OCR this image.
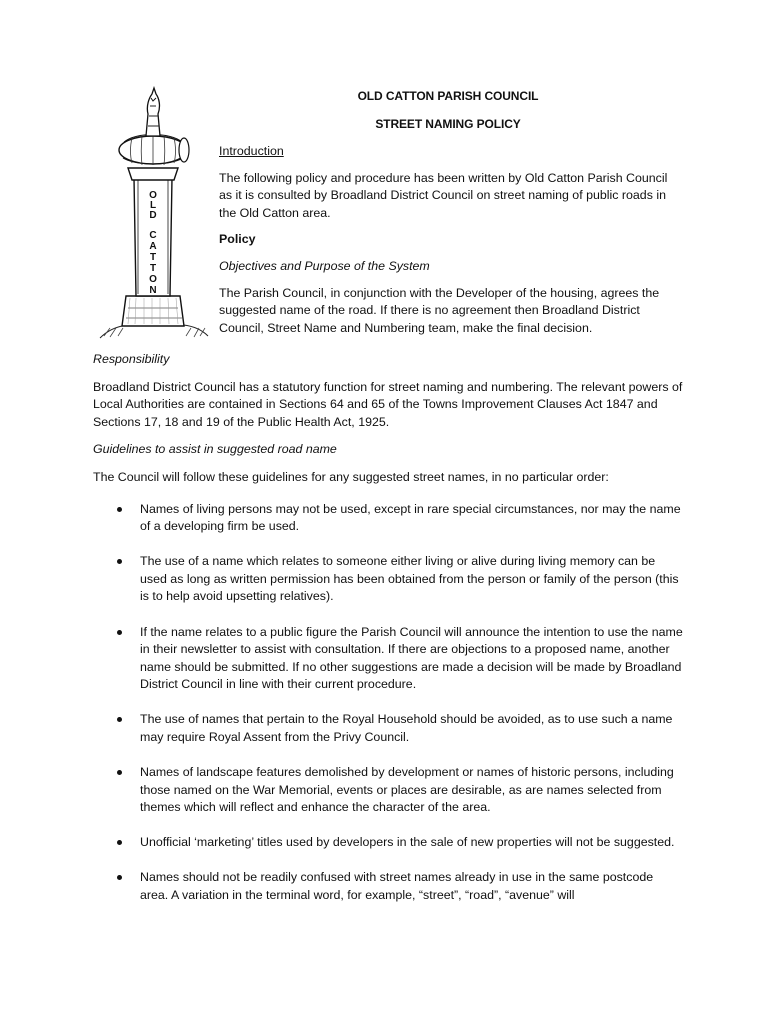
O
L
D
C
A
T
T
O
N
OLD CATTON PARISH COUNCIL
STREET NAMING POLICY

Introduction

The following policy and procedure has been written by Old Catton Parish Council as it is consulted by Broadland District Council on street naming of public roads in the Old Catton area.

Policy

Objectives and Purpose of the System

The Parish Council, in conjunction with the Developer of the housing, agrees the suggested name of the road. If there is no agreement then Broadland District Council, Street Name and Numbering team, make the final decision.

Responsibility

Broadland District Council has a statutory function for street naming and numbering. The relevant powers of Local Authorities are contained in Sections 64 and 65 of the Towns Improvement Clauses Act 1847 and Sections 17, 18 and 19 of the Public Health Act, 1925.

Guidelines to assist in suggested road name

The Council will follow these guidelines for any suggested street names, in no particular order:

Names of living persons may not be used, except in rare special circumstances, nor may the name of a developing firm be used.

The use of a name which relates to someone either living or alive during living memory can be used as long as written permission has been obtained from the person or family of the person (this is to help avoid upsetting relatives).

If the name relates to a public figure the Parish Council will announce the intention to use the name in their newsletter to assist with consultation. If there are objections to a proposed name, another name should be submitted. If no other suggestions are made a decision will be made by Broadland District Council in line with their current procedure.

The use of names that pertain to the Royal Household should be avoided, as to use such a name may require Royal Assent from the Privy Council.

Names of landscape features demolished by development or names of historic persons, including those named on the War Memorial, events or places are desirable, as are names selected from themes which will reflect and enhance the character of the area.

Unofficial ‘marketing’ titles used by developers in the sale of new properties will not be suggested.

Names should not be readily confused with street names already in use in the same postcode area. A variation in the terminal word, for example, “street”, “road”, “avenue” will
